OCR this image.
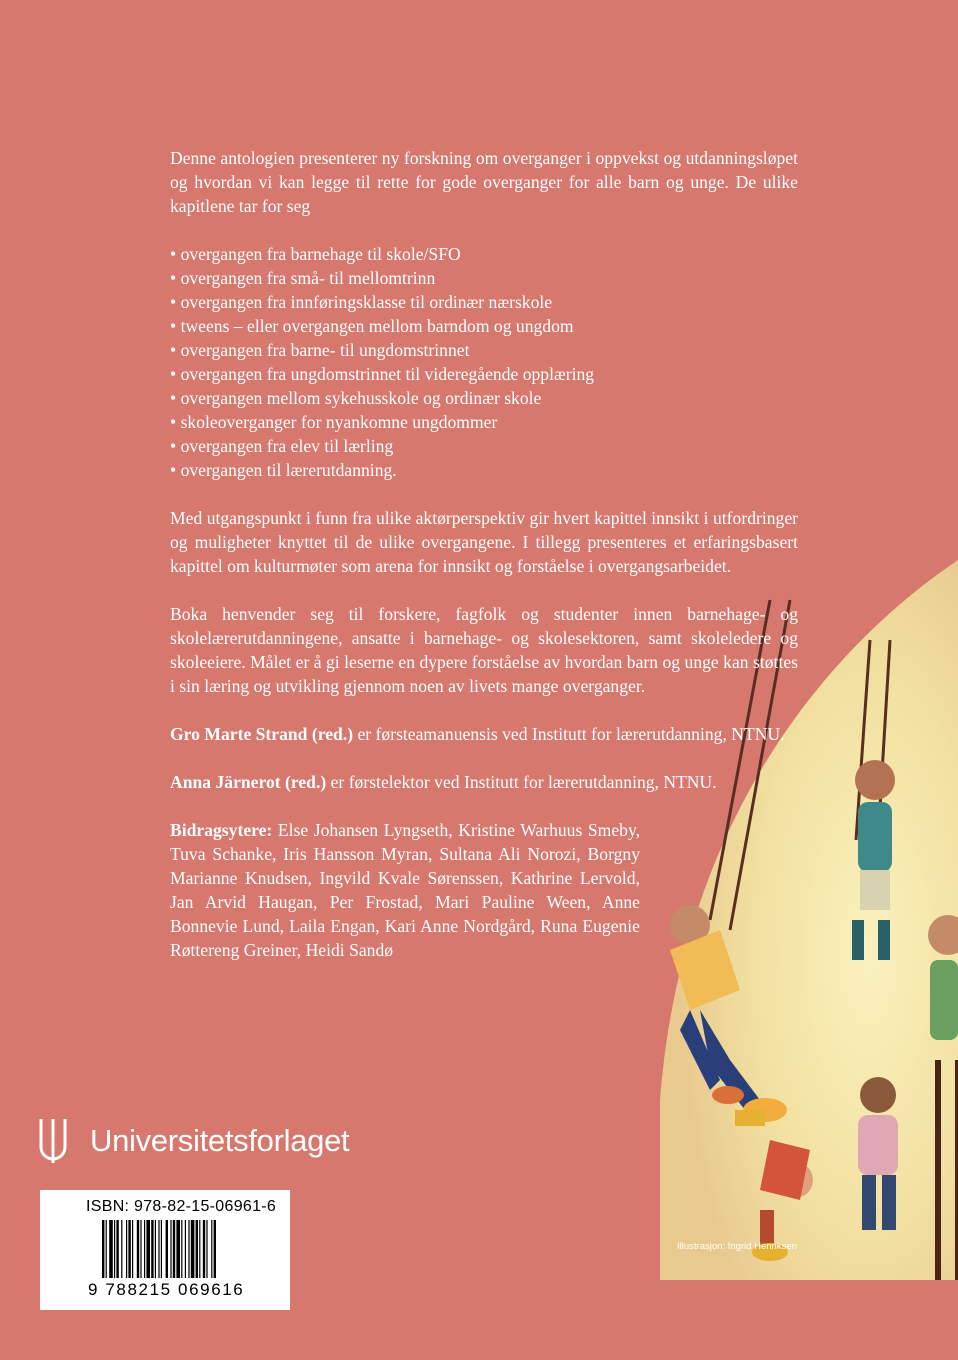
Denne antologien presenterer ny forskning om overganger i oppvekst og utdanningsløpet og hvordan vi kan legge til rette for gode overganger for alle barn og unge. De ulike kapitlene tar for seg

• overgangen fra barnehage til skole/SFO
• overgangen fra små- til mellomtrinn
• overgangen fra innføringsklasse til ordinær nærskole
• tweens – eller overgangen mellom barndom og ungdom
• overgangen fra barne- til ungdomstrinnet
• overgangen fra ungdomstrinnet til videregående opplæring
• overgangen mellom sykehusskole og ordinær skole
• skoleoverganger for nyankomne ungdommer
• overgangen fra elev til lærling
• overgangen til lærerutdanning.

Med utgangspunkt i funn fra ulike aktørperspektiv gir hvert kapittel innsikt i utfordringer og muligheter knyttet til de ulike overgangene. I tillegg presenteres et erfaringsbasert kapittel om kulturmøter som arena for innsikt og forståelse i overgangsarbeidet.

Boka henvender seg til forskere, fagfolk og studenter innen barnehage- og skolelærerutdanningene, ansatte i barnehage- og skolesektoren, samt skoleledere og skoleeiere. Målet er å gi leserne en dypere forståelse av hvordan barn og unge kan støttes i sin læring og utvikling gjennom noen av livets mange overganger.

Gro Marte Strand (red.) er førsteamanuensis ved Institutt for lærerutdanning, NTNU.

Anna Järnerot (red.) er førstelektor ved Institutt for lærerutdanning, NTNU.

Bidragsytere: Else Johansen Lyngseth, Kristine Warhuus Smeby, Tuva Schanke, Iris Hansson Myran, Sultana Ali Norozi, Borgny Marianne Knudsen, Ingvild Kvale Sørenssen, Kathrine Lervold, Jan Arvid Haugan, Per Frostad, Mari Pauline Ween, Anne Bonnevie Lund, Laila Engan, Kari Anne Nordgård, Runa Eugenie Røttereng Greiner, Heidi Sandø

Universitetsforlaget
ISBN: 978-82-15-06961-6
9 788215 069616
Illustrasjon: Ingrid Henriksen
